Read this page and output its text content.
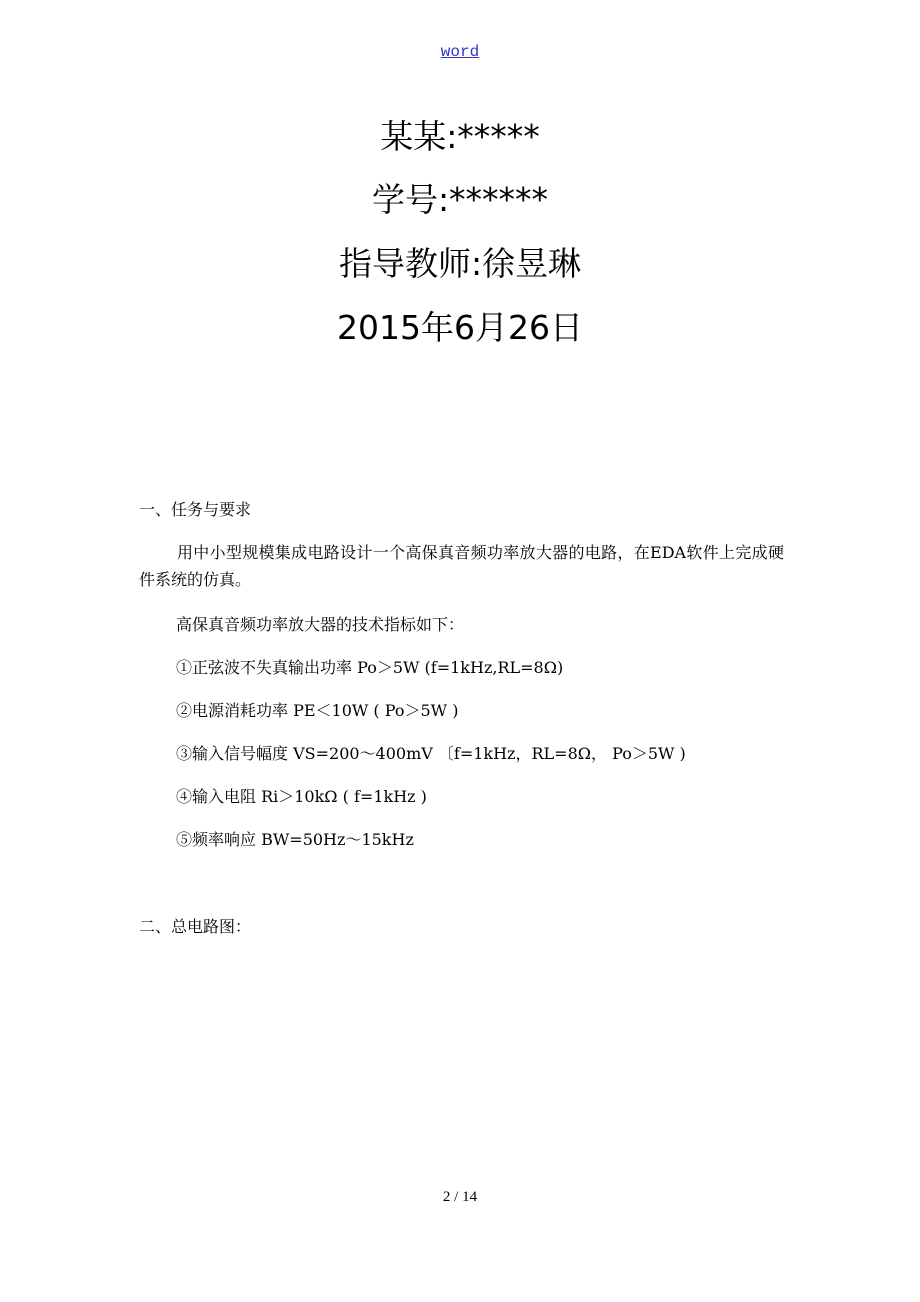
word
某某:*****
学号:******
指导教师:徐昱琳
2015年6月26日
一、任务与要求
用中小型规模集成电路设计一个高保真音频功率放大器的电路，在EDA软件上完成硬件系统的仿真。
高保真音频功率放大器的技术指标如下：
①正弦波不失真输出功率 Po＞5W (f=1kHz,RL=8Ω)
②电源消耗功率 PE＜10W ( Po＞5W )
③输入信号幅度 VS=200～400mV 〔f=1kHz，RL=8Ω， Po＞5W )
④输入电阻 Ri＞10kΩ ( f=1kHz )
⑤频率响应 BW=50Hz～15kHz
二、总电路图：
2 / 14
